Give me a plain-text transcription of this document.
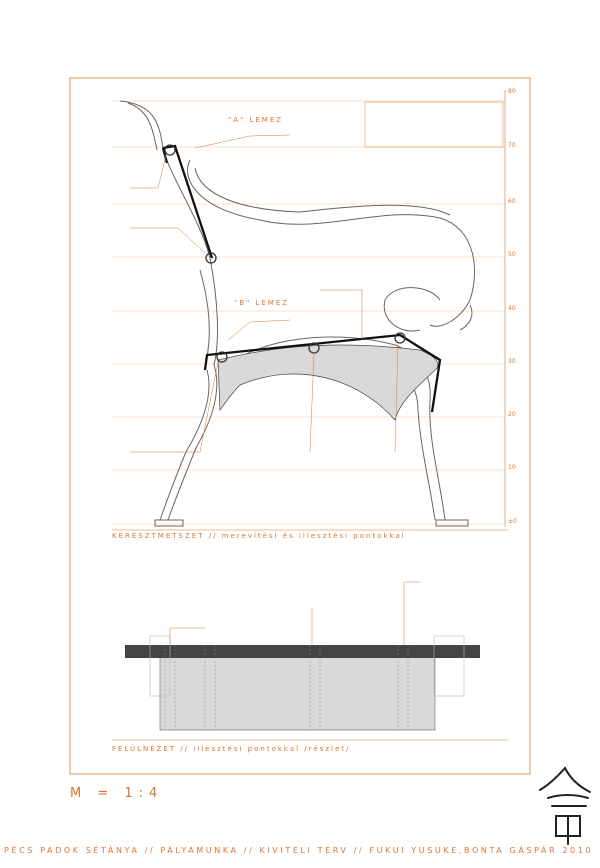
"A" LEMEZ
"B" LEMEZ
KERESZTMETSZET // merevítési és illesztési pontokkal
FELÜLNÉZET // illesztési pontokkal /részlet/
M = 1:4
PÉCS PADOK SÉTÁNYA // PÁLYAMUNKA // KIVITELI TERV // FUKUI YUSUKE,BONTA GÁSPÁR 2010
80
70
60
50
40
30
20
10
±0
